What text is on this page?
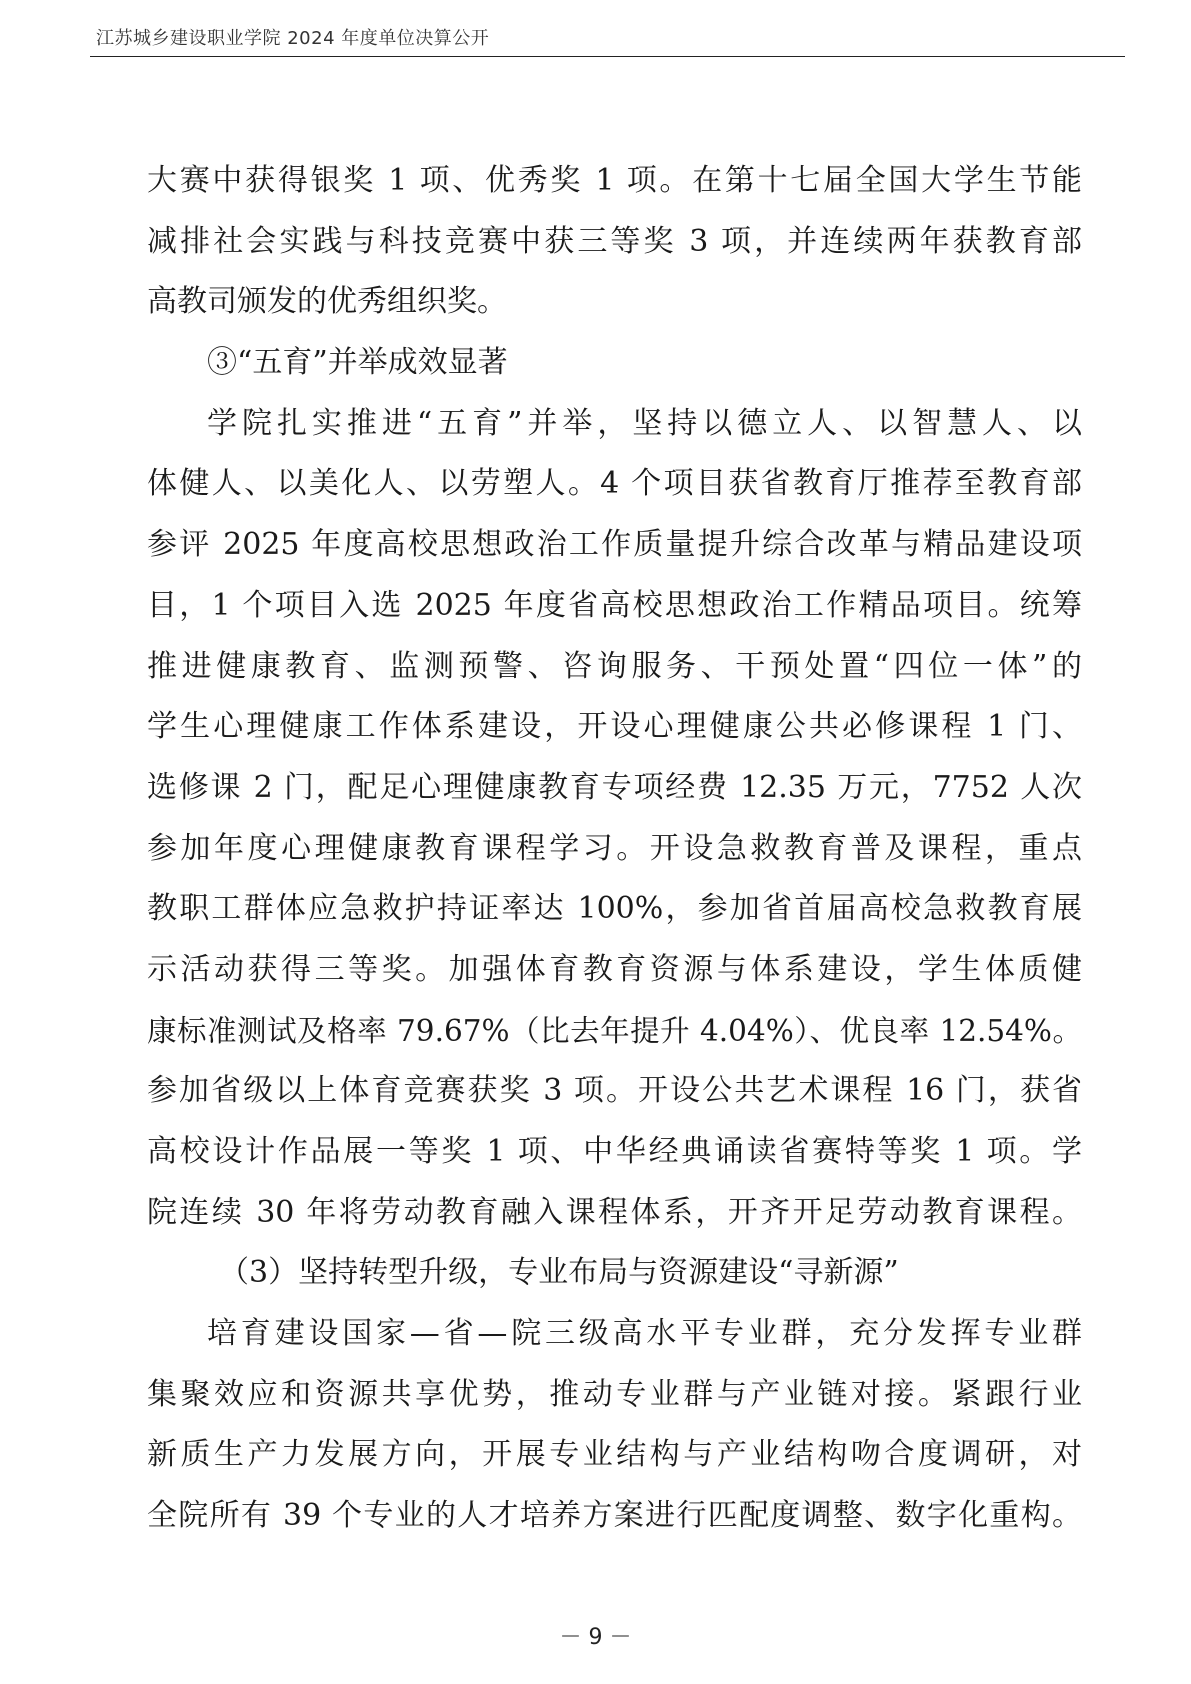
江苏城乡建设职业学院 2024 年度单位决算公开
大赛中获得银奖 1 项、优秀奖 1 项。在第十七届全国大学生节能
减排社会实践与科技竞赛中获三等奖 3 项，并连续两年获教育部
高教司颁发的优秀组织奖。
③“五育”并举成效显著
学院扎实推进“五育”并举，坚持以德立人、以智慧人、以
体健人、以美化人、以劳塑人。4 个项目获省教育厅推荐至教育部
参评 2025 年度高校思想政治工作质量提升综合改革与精品建设项
目，1 个项目入选 2025 年度省高校思想政治工作精品项目。统筹
推进健康教育、监测预警、咨询服务、干预处置“四位一体”的
学生心理健康工作体系建设，开设心理健康公共必修课程 1 门、
选修课 2 门，配足心理健康教育专项经费 12.35 万元，7752 人次
参加年度心理健康教育课程学习。开设急救教育普及课程，重点
教职工群体应急救护持证率达 100%，参加省首届高校急救教育展
示活动获得三等奖。加强体育教育资源与体系建设，学生体质健
康标准测试及格率 79.67%（比去年提升 4.04%）、优良率 12.54%。
参加省级以上体育竞赛获奖 3 项。开设公共艺术课程 16 门，获省
高校设计作品展一等奖 1 项、中华经典诵读省赛特等奖 1 项。学
院连续 30 年将劳动教育融入课程体系，开齐开足劳动教育课程。
（3）坚持转型升级，专业布局与资源建设“寻新源”
培育建设国家—省—院三级高水平专业群，充分发挥专业群
集聚效应和资源共享优势，推动专业群与产业链对接。紧跟行业
新质生产力发展方向，开展专业结构与产业结构吻合度调研，对
全院所有 39 个专业的人才培养方案进行匹配度调整、数字化重构。
－ 9 －
